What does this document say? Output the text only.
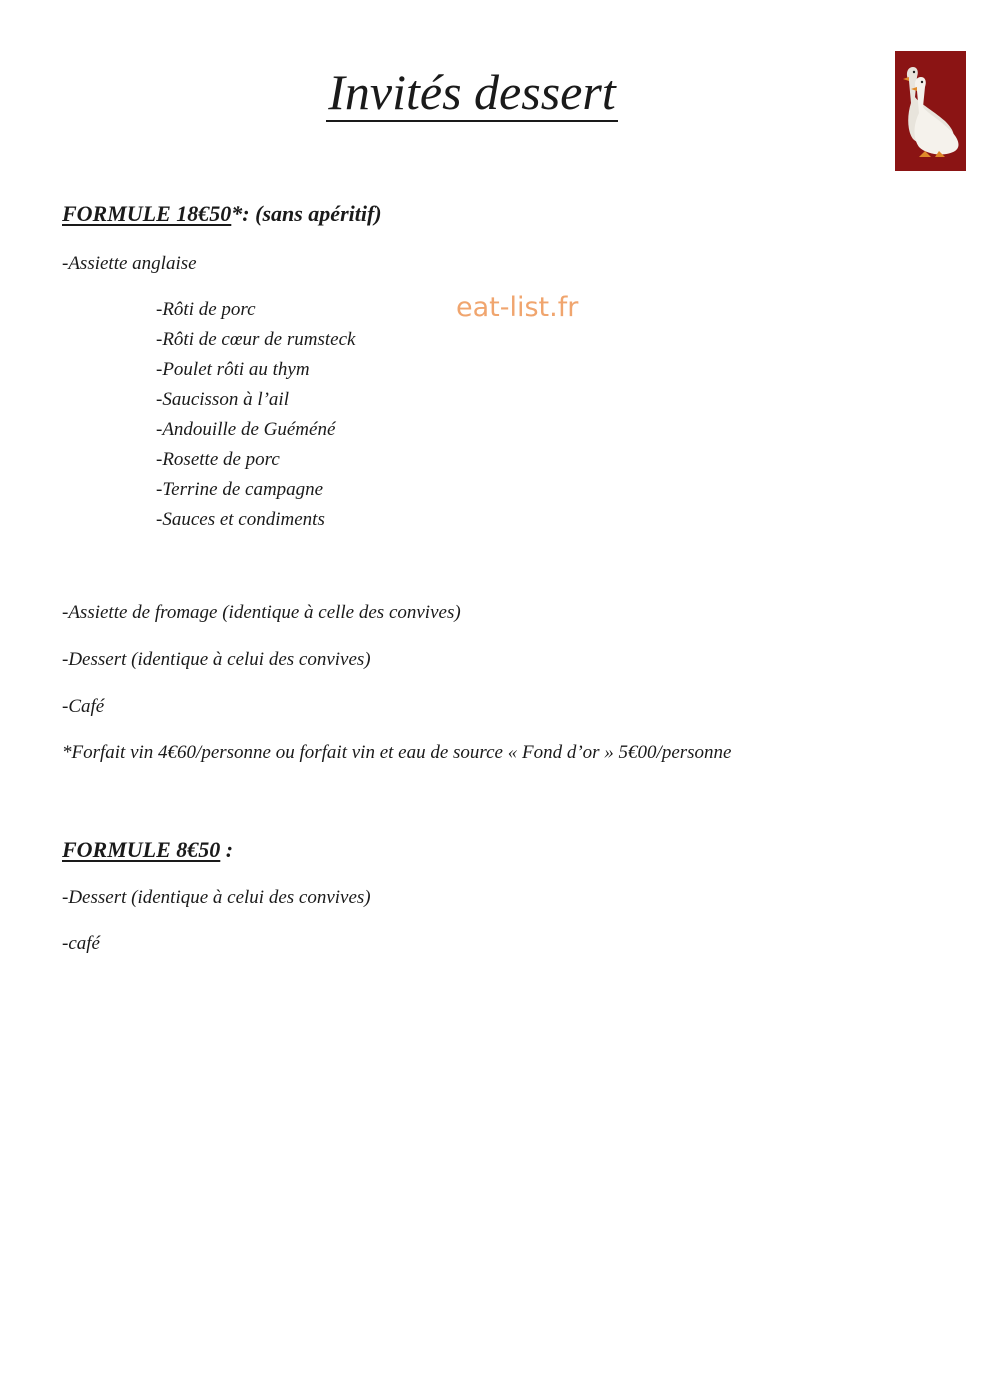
Invités dessert
eat-list.fr
FORMULE 18€50*: (sans apéritif)
-Assiette anglaise
-Rôti de porc
-Rôti de cœur de rumsteck
-Poulet rôti au thym
-Saucisson à l’ail
-Andouille de Guéméné
-Rosette de porc
-Terrine de campagne
-Sauces et condiments
-Assiette de fromage (identique à celle des convives)
-Dessert (identique à celui des convives)
-Café
*Forfait vin 4€60/personne ou forfait vin et eau de source « Fond d’or » 5€00/personne
FORMULE 8€50 :
-Dessert (identique à celui des convives)
-café
